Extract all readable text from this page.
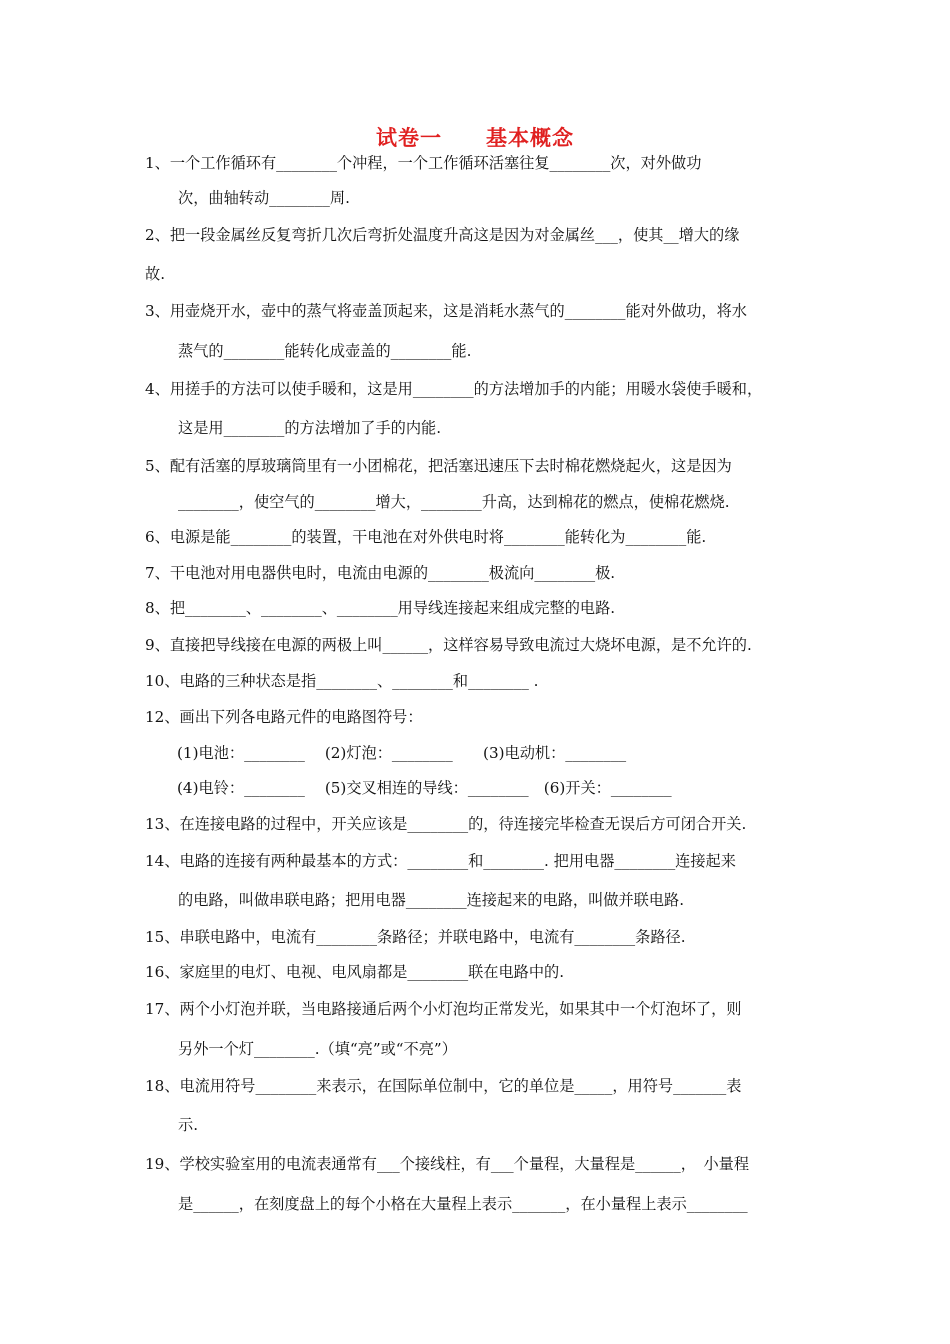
试卷一　　基本概念
1、一个工作循环有________个冲程，一个工作循环活塞往复________次，对外做功
次，曲轴转动________周.
2、把一段金属丝反复弯折几次后弯折处温度升高这是因为对金属丝___，使其__增大的缘
故.
3、用壶烧开水，壶中的蒸气将壶盖顶起来，这是消耗水蒸气的________能对外做功，将水
蒸气的________能转化成壶盖的________能.
4、用搓手的方法可以使手暖和，这是用________的方法增加手的内能；用暖水袋使手暖和，
这是用________的方法增加了手的内能.
5、配有活塞的厚玻璃筒里有一小团棉花，把活塞迅速压下去时棉花燃烧起火，这是因为
________，使空气的________增大，________升高，达到棉花的燃点，使棉花燃烧.
6、电源是能________的装置，干电池在对外供电时将________能转化为________能.
7、干电池对用电器供电时，电流由电源的________极流向________极.
8、把________、________、________用导线连接起来组成完整的电路.
9、直接把导线接在电源的两极上叫______，这样容易导致电流过大烧坏电源，是不允许的.
10、电路的三种状态是指________、________和________ .
12、画出下列各电路元件的电路图符号：
(1)电池：________　 (2)灯泡：________　　(3)电动机：________
(4)电铃：________　 (5)交叉相连的导线：________　(6)开关：________
13、在连接电路的过程中，开关应该是________的，待连接完毕检查无误后方可闭合开关.
14、电路的连接有两种最基本的方式：________和________. 把用电器________连接起来
的电路，叫做串联电路；把用电器________连接起来的电路，叫做并联电路.
15、串联电路中，电流有________条路径；并联电路中，电流有________条路径.
16、家庭里的电灯、电视、电风扇都是________联在电路中的.
17、两个小灯泡并联，当电路接通后两个小灯泡均正常发光，如果其中一个灯泡坏了，则
另外一个灯________.（填“亮”或“不亮”）
18、电流用符号________来表示，在国际单位制中，它的单位是_____，用符号_______表
示.
19、学校实验室用的电流表通常有___个接线柱，有___个量程，大量程是______，　小量程
是______，在刻度盘上的每个小格在大量程上表示_______，在小量程上表示________
